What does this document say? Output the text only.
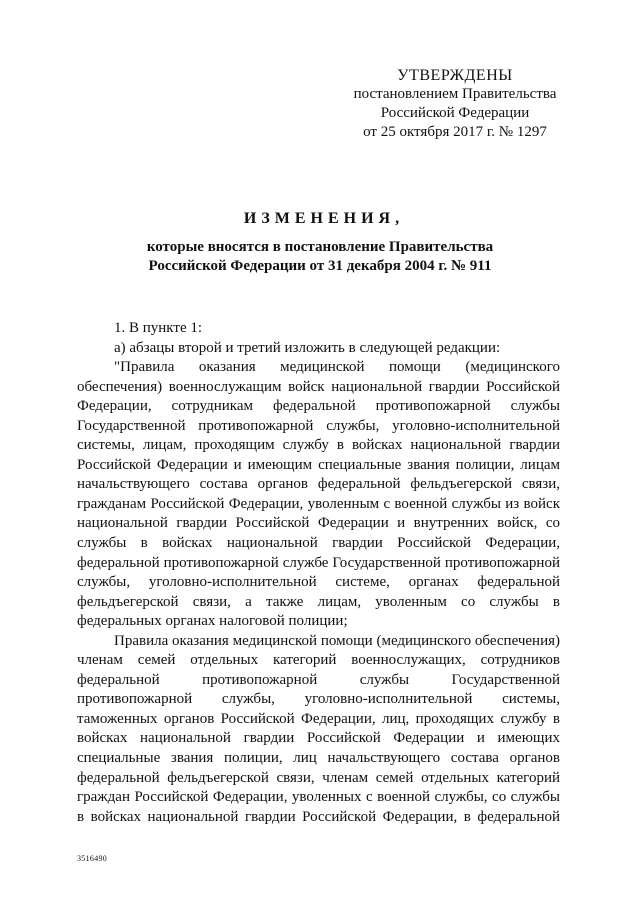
УТВЕРЖДЕНЫ
постановлением Правительства
Российской Федерации
от 25 октября 2017 г. № 1297
ИЗМЕНЕНИЯ,
которые вносятся в постановление Правительства
Российской Федерации от 31 декабря 2004 г. № 911

1. В пункте 1:

а) абзацы второй и третий изложить в следующей редакции:

"Правила оказания медицинской помощи (медицинского обеспечения) военнослужащим войск национальной гвардии Российской Федерации, сотрудникам федеральной противопожарной службы Государственной противопожарной службы, уголовно-исполнительной системы, лицам, проходящим службу в войсках национальной гвардии Российской Федерации и имеющим специальные звания полиции, лицам начальствующего состава органов федеральной фельдъегерской связи, гражданам Российской Федерации, уволенным с военной службы из войск национальной гвардии Российской Федерации и внутренних войск, со службы в войсках национальной гвардии Российской Федерации, федеральной противопожарной службе Государственной противопожарной службы, уголовно-исполнительной системе, органах федеральной фельдъегерской связи, а также лицам, уволенным со службы в федеральных органах налоговой полиции;

Правила оказания медицинской помощи (медицинского обеспечения) членам семей отдельных категорий военнослужащих, сотрудников федеральной противопожарной службы Государственной противопожарной службы, уголовно-исполнительной системы, таможенных органов Российской Федерации, лиц, проходящих службу в войсках национальной гвардии Российской Федерации и имеющих специальные звания полиции, лиц начальствующего состава органов федеральной фельдъегерской связи, членам семей отдельных категорий граждан Российской Федерации, уволенных с военной службы, со службы в войсках национальной гвардии Российской Федерации, в федеральной

3516490
